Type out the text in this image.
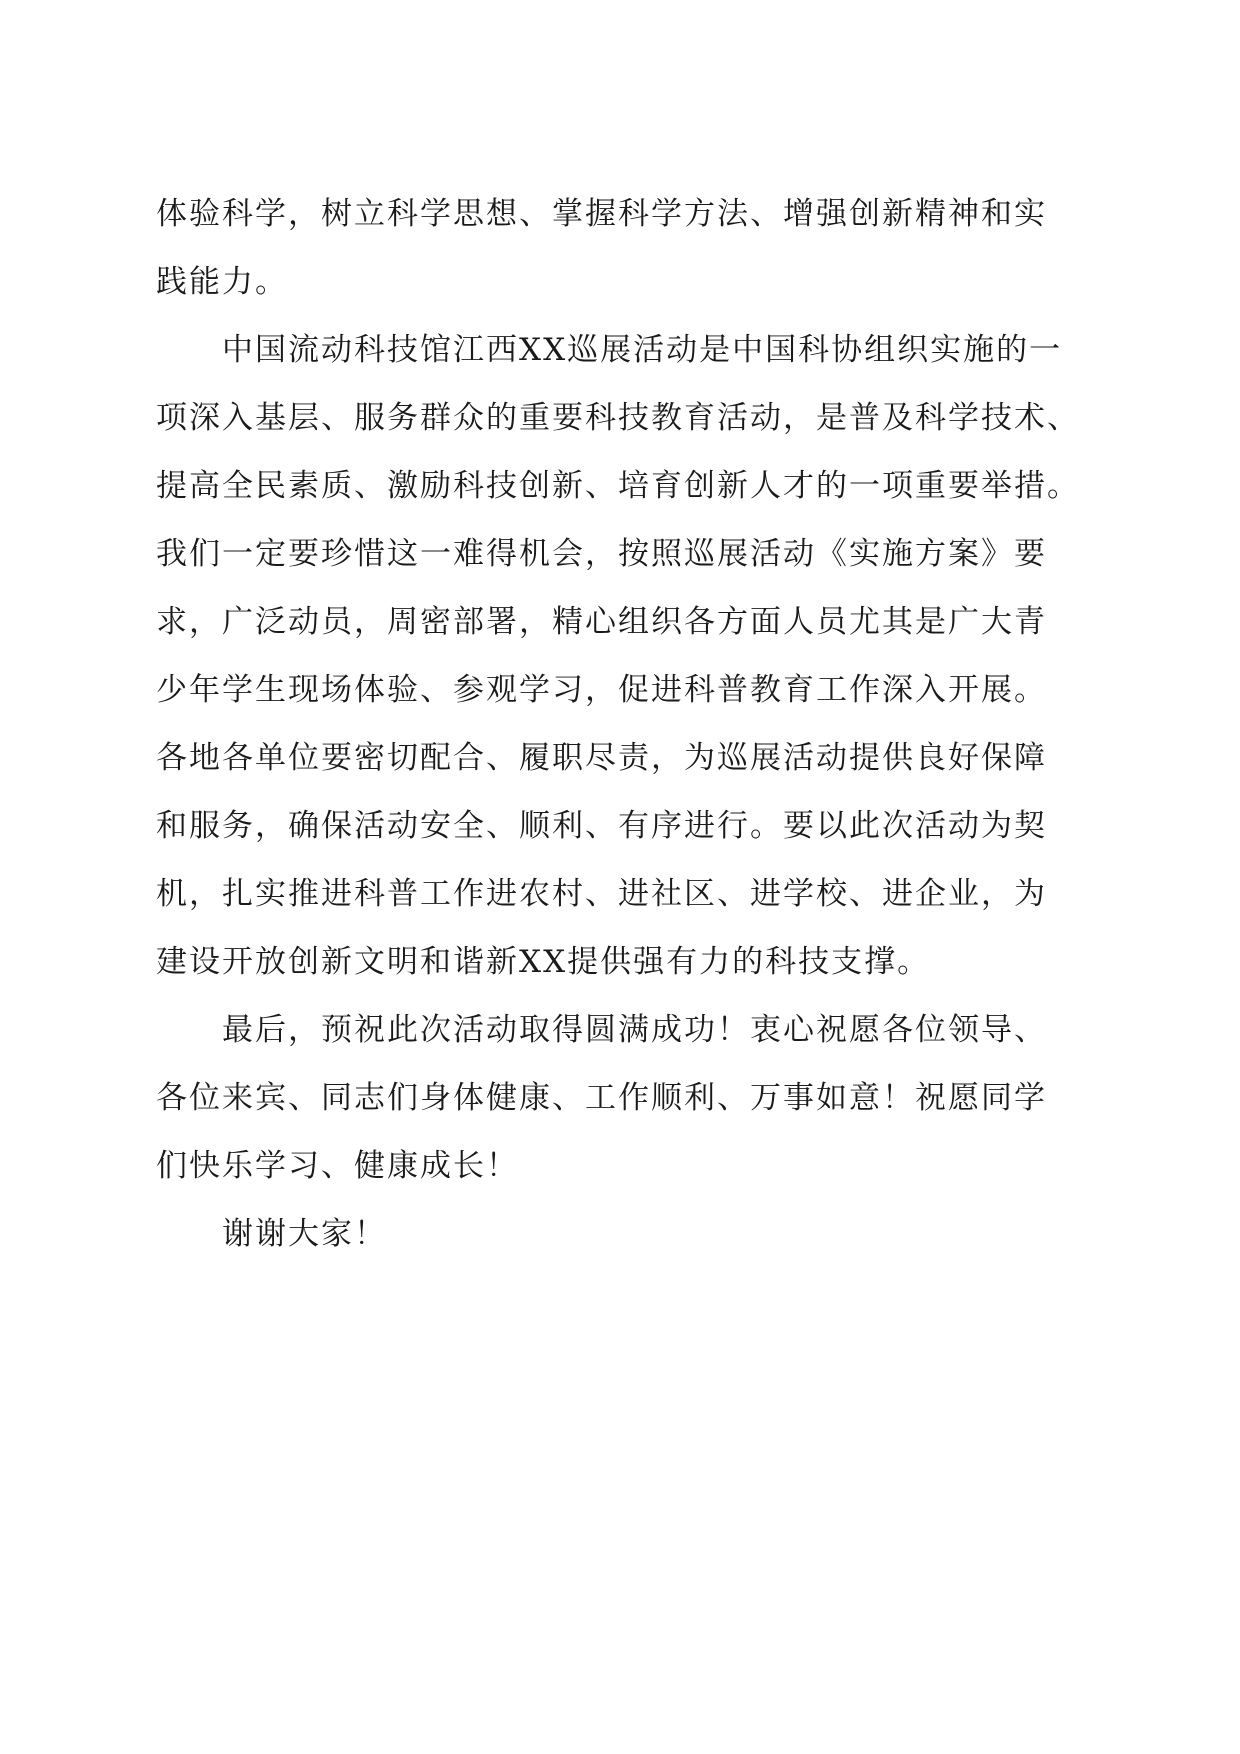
体验科学，树立科学思想、掌握科学方法、增强创新精神和实
践能力。

中国流动科技馆江西XX巡展活动是中国科协组织实施的一
项深入基层、服务群众的重要科技教育活动，是普及科学技术、
提高全民素质、激励科技创新、培育创新人才的一项重要举措。
我们一定要珍惜这一难得机会，按照巡展活动《实施方案》要
求，广泛动员，周密部署，精心组织各方面人员尤其是广大青
少年学生现场体验、参观学习，促进科普教育工作深入开展。
各地各单位要密切配合、履职尽责，为巡展活动提供良好保障
和服务，确保活动安全、顺利、有序进行。要以此次活动为契
机，扎实推进科普工作进农村、进社区、进学校、进企业，为
建设开放创新文明和谐新XX提供强有力的科技支撑。

最后，预祝此次活动取得圆满成功！衷心祝愿各位领导、
各位来宾、同志们身体健康、工作顺利、万事如意！祝愿同学
们快乐学习、健康成长！

谢谢大家！
